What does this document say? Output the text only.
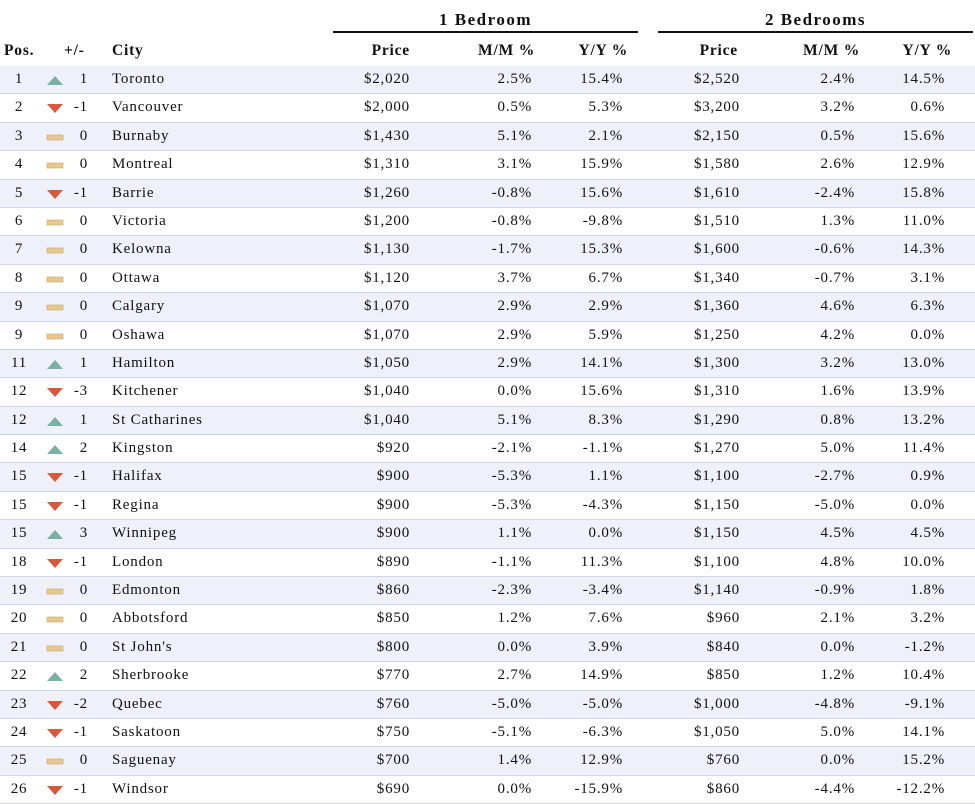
1 Bedroom	2 Bedrooms
Pos. +/- City	Price	M/M %	Y/Y %	Price	M/M %	Y/Y %
1	1 Toronto	$2,020	2.5%	15.4%	$2,520	2.4%	14.5%
2	-1 Vancouver	$2,000	0.5%	5.3%	$3,200	3.2%	0.6%
3	0 Burnaby	$1,430	5.1%	2.1%	$2,150	0.5%	15.6%
4	0 Montreal	$1,310	3.1%	15.9%	$1,580	2.6%	12.9%
5	-1 Barrie	$1,260	-0.8%	15.6%	$1,610	-2.4%	15.8%
6	0 Victoria	$1,200	-0.8%	-9.8%	$1,510	1.3%	11.0%
7	0 Kelowna	$1,130	-1.7%	15.3%	$1,600	-0.6%	14.3%
8	0 Ottawa	$1,120	3.7%	6.7%	$1,340	-0.7%	3.1%
9	0 Calgary	$1,070	2.9%	2.9%	$1,360	4.6%	6.3%
9	0 Oshawa	$1,070	2.9%	5.9%	$1,250	4.2%	0.0%
11	1 Hamilton	$1,050	2.9%	14.1%	$1,300	3.2%	13.0%
12	-3 Kitchener	$1,040	0.0%	15.6%	$1,310	1.6%	13.9%
12	1 St Catharines	$1,040	5.1%	8.3%	$1,290	0.8%	13.2%
14	2 Kingston	$920	-2.1%	-1.1%	$1,270	5.0%	11.4%
15	-1 Halifax	$900	-5.3%	1.1%	$1,100	-2.7%	0.9%
15	-1 Regina	$900	-5.3%	-4.3%	$1,150	-5.0%	0.0%
15	3 Winnipeg	$900	1.1%	0.0%	$1,150	4.5%	4.5%
18	-1 London	$890	-1.1%	11.3%	$1,100	4.8%	10.0%
19	0 Edmonton	$860	-2.3%	-3.4%	$1,140	-0.9%	1.8%
20	0 Abbotsford	$850	1.2%	7.6%	$960	2.1%	3.2%
21	0 St John's	$800	0.0%	3.9%	$840	0.0%	-1.2%
22	2 Sherbrooke	$770	2.7%	14.9%	$850	1.2%	10.4%
23	-2 Quebec	$760	-5.0%	-5.0%	$1,000	-4.8%	-9.1%
24	-1 Saskatoon	$750	-5.1%	-6.3%	$1,050	5.0%	14.1%
25	0 Saguenay	$700	1.4%	12.9%	$760	0.0%	15.2%
26	-1 Windsor	$690	0.0%	-15.9%	$860	-4.4%	-12.2%
